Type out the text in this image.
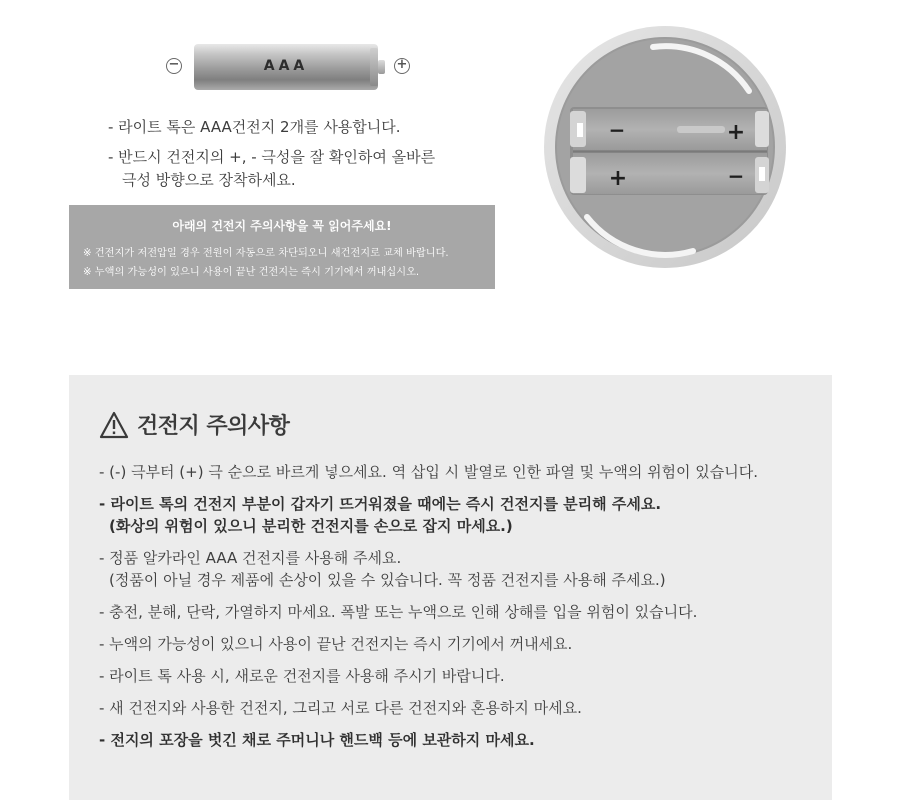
−	AAA	+
- 라이트 톡은 AAA건전지 2개를 사용합니다.
- 반드시 건전지의 +, - 극성을 잘 확인하여 올바른
극성 방향으로 장착하세요.
아래의 건전지 주의사항을 꼭 읽어주세요!
※ 건전지가 저전압일 경우 전원이 자동으로 차단되오니 새건전지로 교체 바랍니다.
※ 누액의 가능성이 있으니 사용이 끝난 건전지는 즉시 기기에서 꺼내십시오.
−	+
+	−
건전지 주의사항
- (-) 극부터 (+) 극 순으로 바르게 넣으세요. 역 삽입 시 발열로 인한 파열 및 누액의 위험이 있습니다.
- 라이트 톡의 건전지 부분이 갑자기 뜨거워졌을 때에는 즉시 건전지를 분리해 주세요.
(화상의 위험이 있으니 분리한 건전지를 손으로 잡지 마세요.)
- 정품 알카라인 AAA 건전지를 사용해 주세요.
(정품이 아닐 경우 제품에 손상이 있을 수 있습니다. 꼭 정품 건전지를 사용해 주세요.)
- 충전, 분해, 단락, 가열하지 마세요. 폭발 또는 누액으로 인해 상해를 입을 위험이 있습니다.
- 누액의 가능성이 있으니 사용이 끝난 건전지는 즉시 기기에서 꺼내세요.
- 라이트 톡 사용 시, 새로운 건전지를 사용해 주시기 바랍니다.
- 새 건전지와 사용한 건전지, 그리고 서로 다른 건전지와 혼용하지 마세요.
- 전지의 포장을 벗긴 채로 주머니나 핸드백 등에 보관하지 마세요.
